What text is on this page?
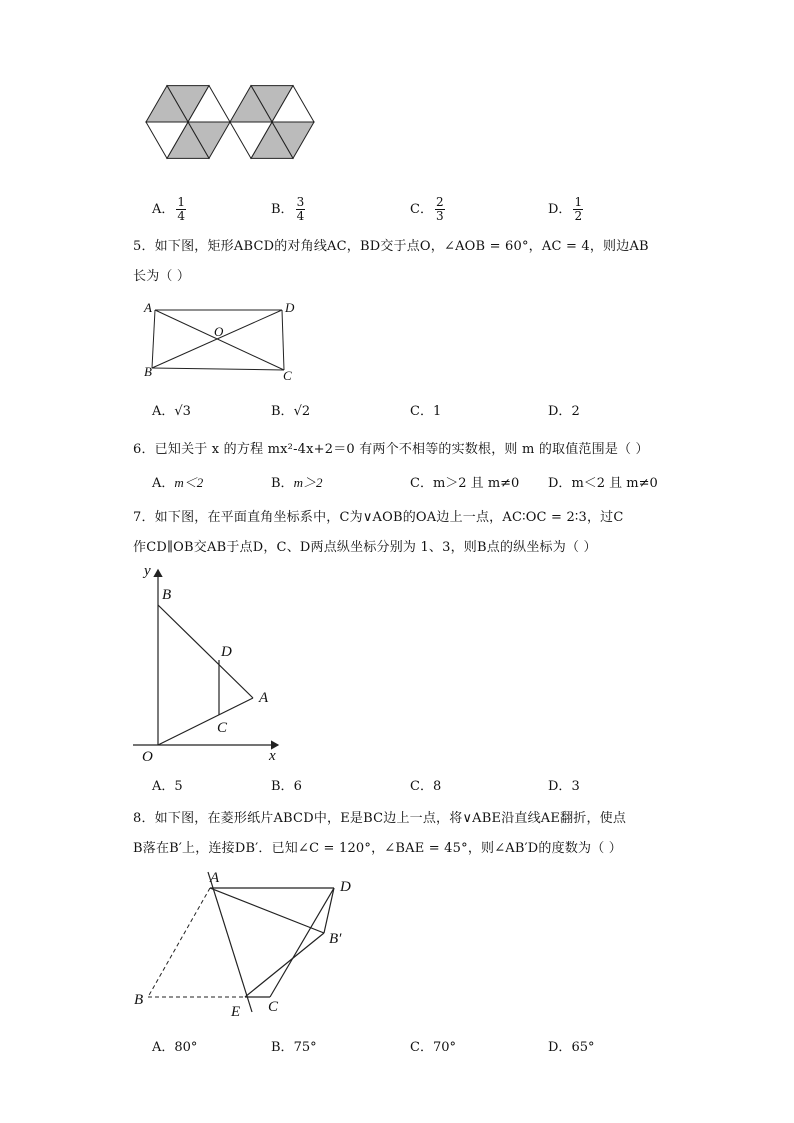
A． $\frac{1}{4}$	B． $\frac{3}{4}$	C． $\frac{2}{3}$	D． $\frac{1}{2}$
5．如下图，矩形ABCD的对角线AC，BD交于点O，∠AOB = 60°，AC = 4，则边AB
长为（ ）
A	D
B	C
O
A．√3	B．√2	C．1	D．2
6．已知关于 x 的方程 mx²-4x+2＝0 有两个不相等的实数根，则 m 的取值范围是（ ）
A．m＜2	B．m＞2	C．m＞2 且 m≠0 D．m＜2 且 m≠0
7．如下图，在平面直角坐标系中，C为∨AOB的OA边上一点，AC∶OC = 2∶3，过C
作CD∥OB交AB于点D，C、D两点纵坐标分别为 1、3，则B点的纵坐标为（ ）
y
x
O
B
D
A
C
A．5	B．6	C．8	D．3
8．如下图，在菱形纸片ABCD中，E是BC边上一点，将∨ABE沿直线AE翻折，使点
B落在B′上，连接DB′．已知∠C = 120°，∠BAE = 45°，则∠AB′D的度数为（ ）
A
D
B′
B
E C
A．80°	B．75°	C．70°	D．65°
